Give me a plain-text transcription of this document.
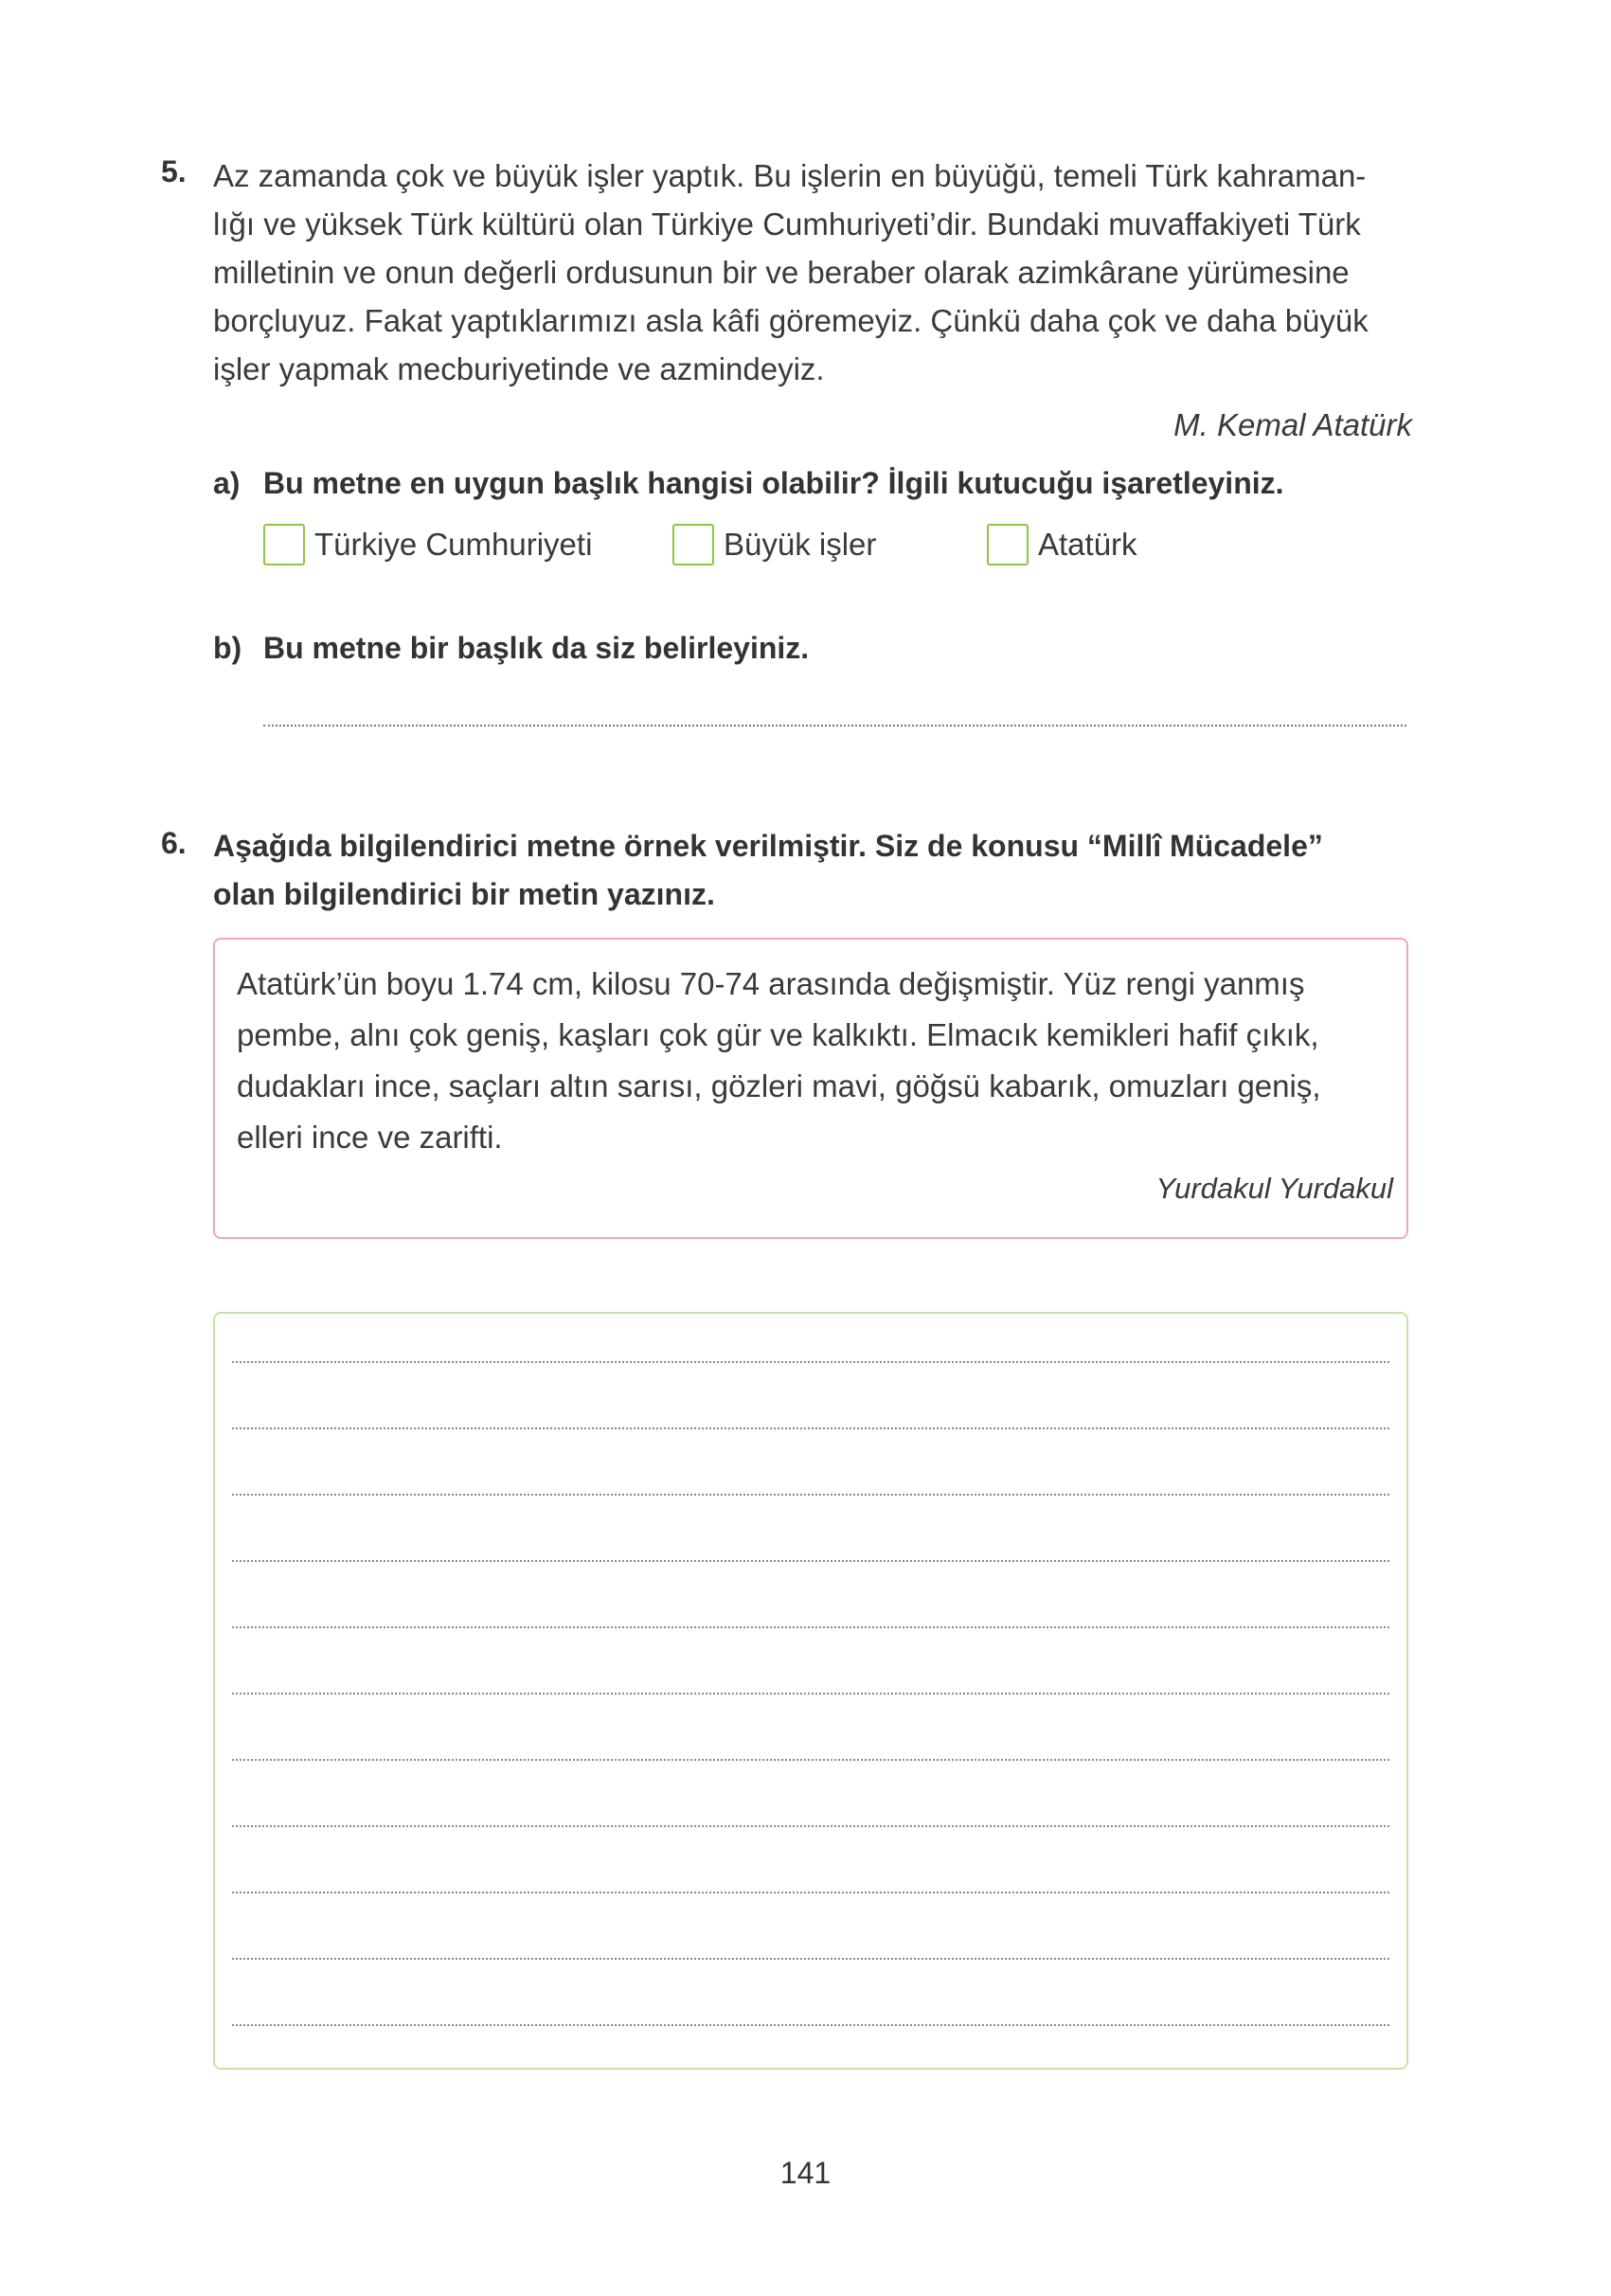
5. Az zamanda çok ve büyük işler yaptık. Bu işlerin en büyüğü, temeli Türk kahraman-
lığı ve yüksek Türk kültürü olan Türkiye Cumhuriyeti’dir. Bundaki muvaffakiyeti Türk
milletinin ve onun değerli ordusunun bir ve beraber olarak azimkârane yürümesine
borçluyuz. Fakat yaptıklarımızı asla kâfi göremeyiz. Çünkü daha çok ve daha büyük
işler yapmak mecburiyetinde ve azmindeyiz.
M. Kemal Atatürk
a) Bu metne en uygun başlık hangisi olabilir? İlgili kutucuğu işaretleyiniz.
Türkiye Cumhuriyeti	Büyük işler	Atatürk
b) Bu metne bir başlık da siz belirleyiniz.
6. Aşağıda bilgilendirici metne örnek verilmiştir. Siz de konusu “Millî Mücadele”
olan bilgilendirici bir metin yazınız.
Atatürk’ün boyu 1.74 cm, kilosu 70-74 arasında değişmiştir. Yüz rengi yanmış
pembe, alnı çok geniş, kaşları çok gür ve kalkıktı. Elmacık kemikleri hafif çıkık,
dudakları ince, saçları altın sarısı, gözleri mavi, göğsü kabarık, omuzları geniş,
elleri ince ve zarifti.
Yurdakul Yurdakul
141
